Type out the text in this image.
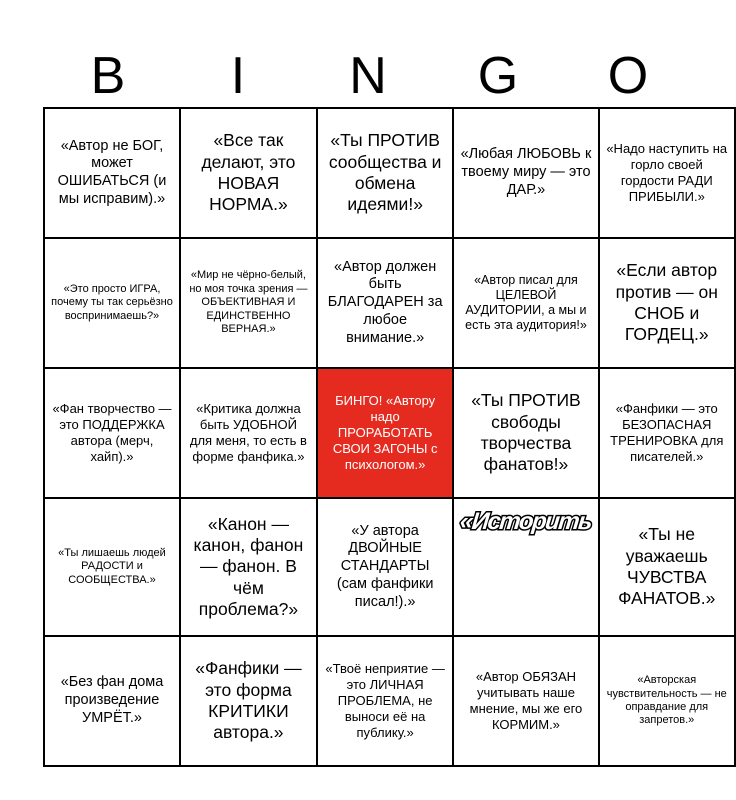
B	I	N	G	O
«Автор не БОГ, может ОШИБАТЬСЯ (и мы исправим).»	«Все так делают, это НОВАЯ НОРМА.»	«Ты ПРОТИВ сообщества и обмена идеями!»	«Любая ЛЮБОВЬ к твоему миру — это ДАР.»	«Надо наступить на горло своей гордости РАДИ ПРИБЫЛИ.»
«Это просто ИГРА, почему ты так серьёзно воспринимаешь?»	«Мир не чёрно-белый, но моя точка зрения — ОБЪЕКТИВНАЯ И ЕДИНСТВЕННО ВЕРНАЯ.»	«Автор должен быть БЛАГОДАРЕН за любое внимание.»	«Автор писал для ЦЕЛЕВОЙ АУДИТОРИИ, а мы и есть эта аудитория!»	«Если автор против — он СНОБ и ГОРДЕЦ.»
«Фан творчество — это ПОДДЕРЖКА автора (мерч, хайп).»	«Критика должна быть УДОБНОЙ для меня, то есть в форме фанфика.»	БИНГО! «Автору надо ПРОРАБОТАТЬ СВОИ ЗАГОНЫ с психологом.»	«Ты ПРОТИВ свободы творчества фанатов!»	«Фанфики — это БЕЗОПАСНАЯ ТРЕНИРОВКА для писателей.»
«Ты лишаешь людей РАДОСТИ и СООБЩЕСТВА.»	«Канон — канон, фанон — фанон. В чём проблема?»	«У автора ДВОЙНЫЕ СТАНДАРТЫ (сам фанфики писал!).»	«Историть	«Ты не уважаешь ЧУВСТВА ФАНАТОВ.»
«Без фан дома произведение УМРЁТ.»	«Фанфики — это форма КРИТИКИ автора.»	«Твоё неприятие — это ЛИЧНАЯ ПРОБЛЕМА, не выноси её на публику.»	«Автор ОБЯЗАН учитывать наше мнение, мы же его КОРМИМ.»	«Авторская чувствительность — не оправдание для запретов.»
